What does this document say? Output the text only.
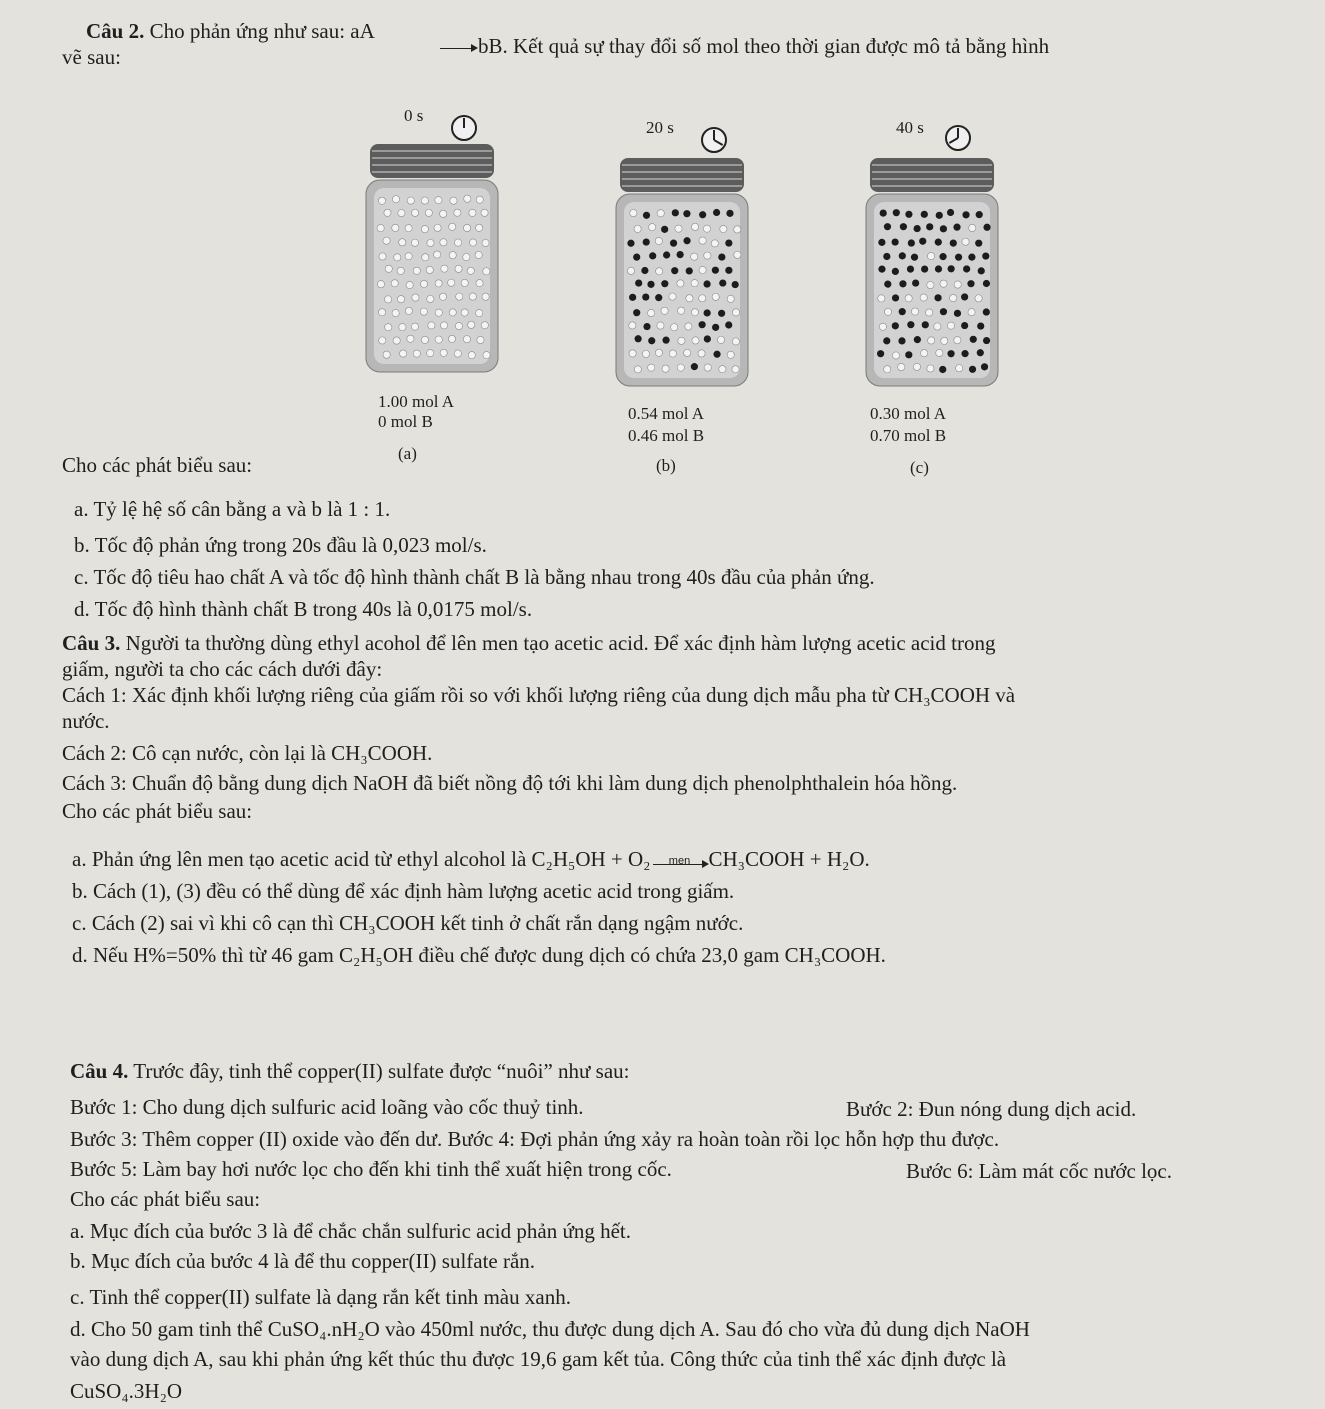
Câu 2. Cho phản ứng như sau: aA
→ bB. Kết quả sự thay đổi số mol theo thời gian được mô tả bằng hình
vẽ sau:
0 s
1.00 mol A
0 mol B
(a)
20 s
0.54 mol A
0.46 mol B
(b)
40 s
0.30 mol A
0.70 mol B
(c)
Cho các phát biểu sau:
a. Tỷ lệ hệ số cân bằng a và b là 1 : 1.
b. Tốc độ phản ứng trong 20s đầu là 0,023 mol/s.
c. Tốc độ tiêu hao chất A và tốc độ hình thành chất B là bằng nhau trong 40s đầu của phản ứng.
d. Tốc độ hình thành chất B trong 40s là 0,0175 mol/s.
Câu 3. Người ta thường dùng ethyl acohol để lên men tạo acetic acid. Để xác định hàm lượng acetic acid trong
giấm, người ta cho các cách dưới đây:
Cách 1: Xác định khối lượng riêng của giấm rồi so với khối lượng riêng của dung dịch mẫu pha từ CH₃COOH và
nước.
Cách 2: Cô cạn nước, còn lại là CH₃COOH.
Cách 3: Chuẩn độ bằng dung dịch NaOH đã biết nồng độ tới khi làm dung dịch phenolphthalein hóa hồng.
Cho các phát biểu sau:
a. Phản ứng lên men tạo acetic acid từ ethyl alcohol là C₂H₅OH + O₂	men CH₃COOH + H₂O.
b. Cách (1), (3) đều có thể dùng để xác định hàm lượng acetic acid trong giấm.
c. Cách (2) sai vì khi cô cạn thì CH₃COOH kết tinh ở chất rắn dạng ngậm nước.
d. Nếu H%=50% thì từ 46 gam C₂H₅OH điều chế được dung dịch có chứa 23,0 gam CH₃COOH.
Câu 4. Trước đây, tinh thể copper(II) sulfate được “nuôi” như sau:
Bước 1: Cho dung dịch sulfuric acid loãng vào cốc thuỷ tinh.	Bước 2: Đun nóng dung dịch acid.
Bước 3: Thêm copper (II) oxide vào đến dư. Bước 4: Đợi phản ứng xảy ra hoàn toàn rồi lọc hỗn hợp thu được.
Bước 5: Làm bay hơi nước lọc cho đến khi tinh thể xuất hiện trong cốc.	Bước 6: Làm mát cốc nước lọc.
Cho các phát biểu sau:
a. Mục đích của bước 3 là để chắc chắn sulfuric acid phản ứng hết.
b. Mục đích của bước 4 là để thu copper(II) sulfate rắn.
c. Tinh thể copper(II) sulfate là dạng rắn kết tinh màu xanh.
d. Cho 50 gam tinh thể CuSO₄.nH₂O vào 450ml nước, thu được dung dịch A. Sau đó cho vừa đủ dung dịch NaOH
vào dung dịch A, sau khi phản ứng kết thúc thu được 19,6 gam kết tủa. Công thức của tinh thể xác định được là
CuSO₄.3H₂O
